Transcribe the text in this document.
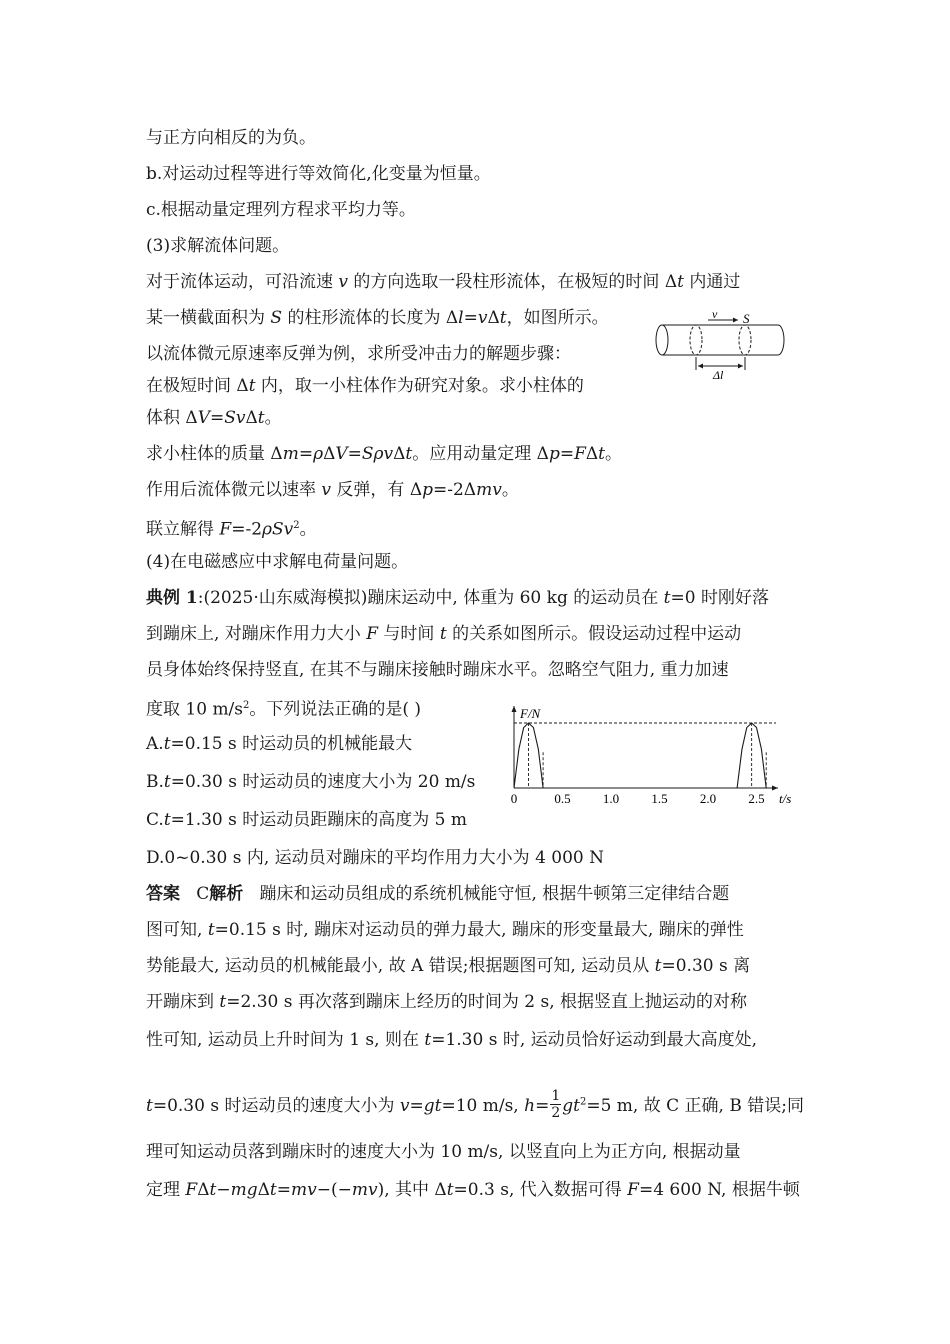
与正方向相反的为负。
b.对运动过程等进行等效简化,化变量为恒量。
c.根据动量定理列方程求平均力等。
(3)求解流体问题。
对于流体运动，可沿流速 v 的方向选取一段柱形流体，在极短的时间 Δt 内通过
某一横截面积为 S 的柱形流体的长度为 Δl=vΔt，如图所示。
以流体微元原速率反弹为例，求所受冲击力的解题步骤：
在极短时间 Δt 内，取一小柱体作为研究对象。求小柱体的
体积 ΔV=SvΔt。
求小柱体的质量 Δm=ρΔV=SρvΔt。应用动量定理 Δp=FΔt。
作用后流体微元以速率 v 反弹，有 Δp=-2Δmv。
联立解得 F=-2ρSv$^2$。
(4)在电磁感应中求解电荷量问题。
典例 1:(2025·山东威海模拟)蹦床运动中, 体重为 60 kg 的运动员在 t=0 时刚好落
到蹦床上, 对蹦床作用力大小 F 与时间 t 的关系如图所示。假设运动过程中运动
员身体始终保持竖直, 在其不与蹦床接触时蹦床水平。忽略空气阻力, 重力加速
度取 10 $m/s^2$。下列说法正确的是( )
A.t=0.15 s 时运动员的机械能最大
B.t=0.30 s 时运动员的速度大小为 20 m/s
C.t=1.30 s 时运动员距蹦床的高度为 5 m
D.0~0.30 s 内, 运动员对蹦床的平均作用力大小为 4 000 N
答案 C解析 蹦床和运动员组成的系统机械能守恒, 根据牛顿第三定律结合题
图可知, t=0.15 s 时, 蹦床对运动员的弹力最大, 蹦床的形变量最大, 蹦床的弹性
势能最大, 运动员的机械能最小, 故 A 错误;根据题图可知, 运动员从 t=0.30 s 离
开蹦床到 t=2.30 s 再次落到蹦床上经历的时间为 2 s, 根据竖直上抛运动的对称
性可知, 运动员上升时间为 1 s, 则在 t=1.30 s 时, 运动员恰好运动到最大高度处,
t=0.30 s 时运动员的速度大小为 v=gt=10 m/s, $h= \frac{1}{2} gt^2=5$ m, 故 C 正确, B 错误;同
理可知运动员落到蹦床时的速度大小为 10 m/s, 以竖直向上为正方向, 根据动量
定理 FΔt−mgΔt=mv−(−mv), 其中 Δt=0.3 s, 代入数据可得 F=4 600 N, 根据牛顿
v S
Δl
F/N
t/s
0	0.5 1.0 1.5 2.0 2.5
